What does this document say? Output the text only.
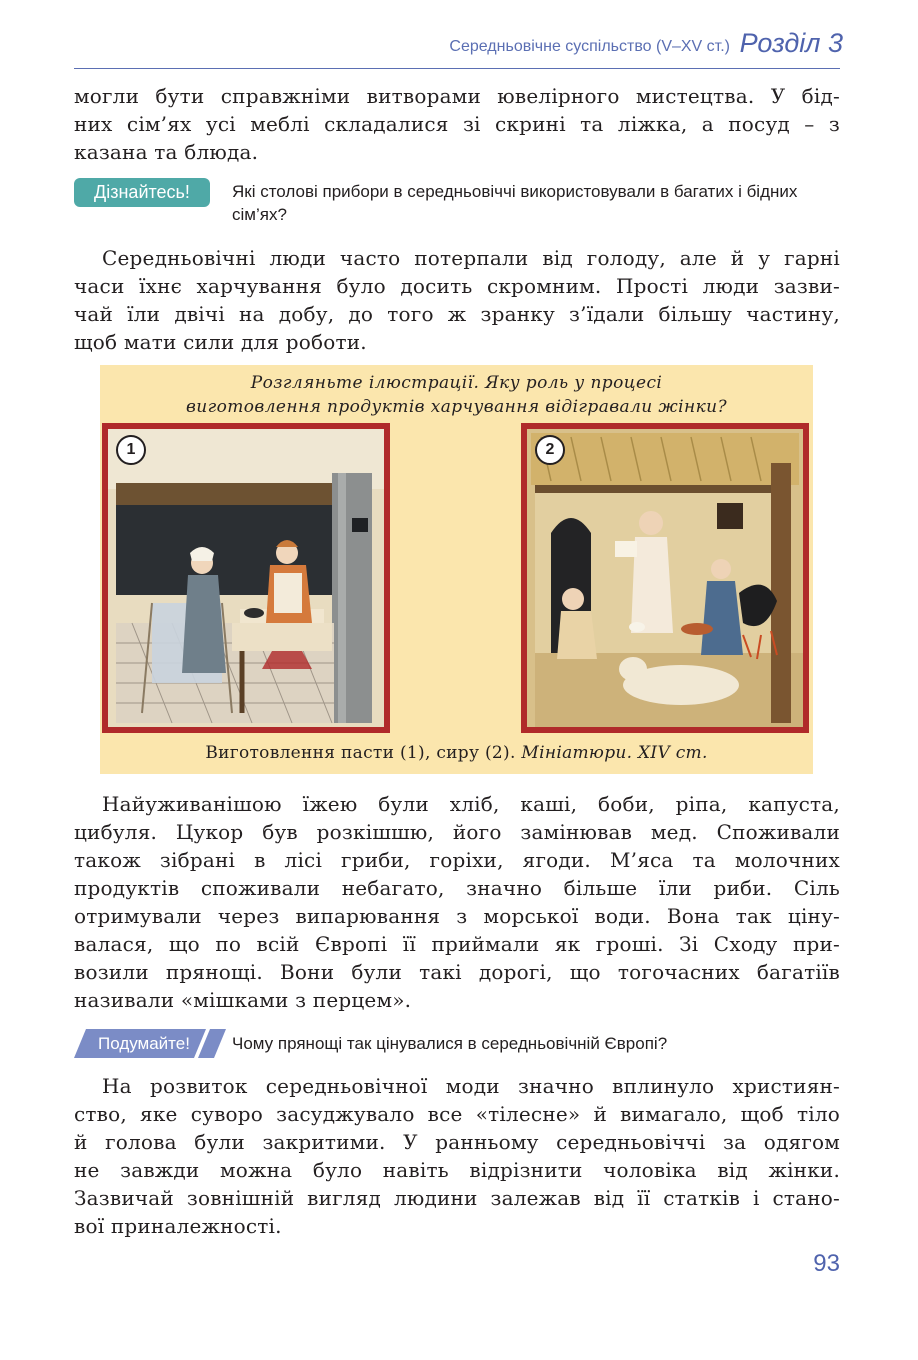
Середньовічне суспільство (V–XV ст.) Розділ 3

могли бути справжніми витворами ювелірного мистецтва. У бід-
них сім’ях усі меблі складалися зі скрині та ліжка, а посуд – з
казана та блюда.

Дізнайтесь!	Які столові прибори в середньовіччі використовували в багатих і бідних сім’ях?

Середньовічні люди часто потерпали від голоду, але й у гарні
часи їхнє харчування було досить скромним. Прості люди зазви-
чай їли двічі на добу, до того ж зранку з’їдали більшу частину,
щоб мати сили для роботи.

Розгляньте ілюстрації. Яку роль у процесі
виготовлення продуктів харчування відігравали жінки?
1	2
Виготовлення пасти (1), сиру (2). Мініатюри. XIV ст.

Найуживанішою їжею були хліб, каші, боби, ріпа, капуста,
цибуля. Цукор був розкішшю, його замінював мед. Споживали
також зібрані в лісі гриби, горіхи, ягоди. М’яса та молочних
продуктів споживали небагато, значно більше їли риби. Сіль
отримували через випарювання з морської води. Вона так ціну-
валася, що по всій Європі її приймали як гроші. Зі Сходу при-
возили прянощі. Вони були такі дорогі, що тогочасних багатіїв
називали «мішками з перцем».

Подумайте!	Чому прянощі так цінувалися в середньовічній Європі?

На розвиток середньовічної моди значно вплинуло християн-
ство, яке суворо засуджувало все «тілесне» й вимагало, щоб тіло
й голова були закритими. У ранньому середньовіччі за одягом
не завжди можна було навіть відрізнити чоловіка від жінки.
Зазвичай зовнішній вигляд людини залежав від її статків і стано-
вої приналежності.

93
